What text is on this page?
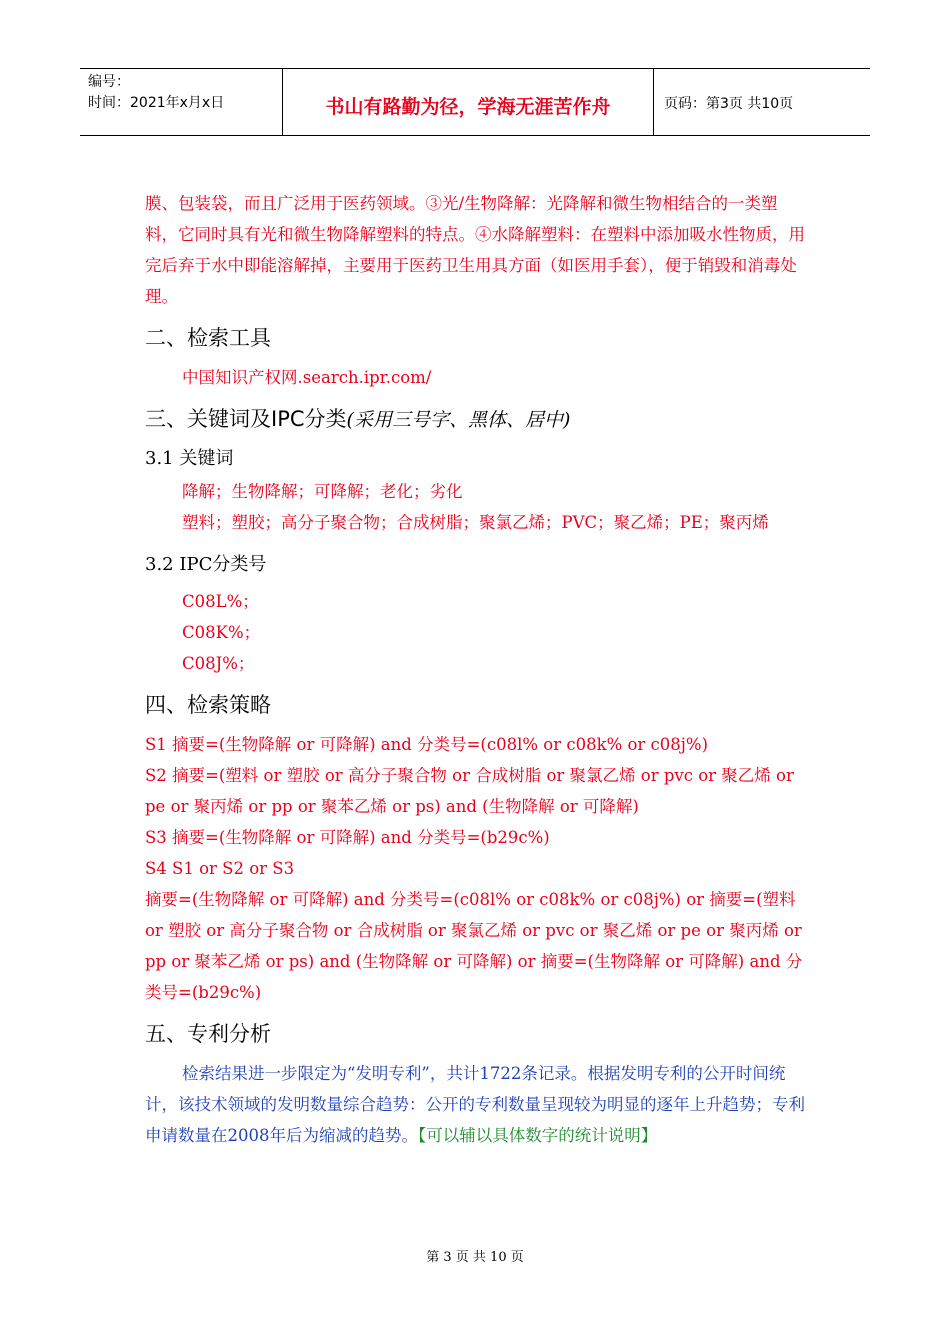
编号：
时间：2021年x月x日	书山有路勤为径，学海无涯苦作舟	页码：第3页 共10页

膜、包装袋，而且广泛用于医药领域。③光/生物降解：光降解和微生物相结合的一类塑料，它同时具有光和微生物降解塑料的特点。④水降解塑料：在塑料中添加吸水性物质，用完后弃于水中即能溶解掉，主要用于医药卫生用具方面（如医用手套），便于销毁和消毒处理。

二、检索工具

中国知识产权网.search.ipr.com/

三、关键词及IPC分类(采用三号字、黑体、居中)
3.1 关键词

降解；生物降解；可降解；老化；劣化

塑料；塑胶；高分子聚合物；合成树脂；聚氯乙烯；PVC；聚乙烯；PE；聚丙烯

3.2 IPC分类号

C08L%；

C08K%；

C08J%；

四、检索策略

S1 摘要=(生物降解 or 可降解) and 分类号=(c08l% or c08k% or c08j%)

S2 摘要=(塑料 or 塑胶 or 高分子聚合物 or 合成树脂 or 聚氯乙烯 or pvc or 聚乙烯 or pe or 聚丙烯 or pp or 聚苯乙烯 or ps) and (生物降解 or 可降解)

S3 摘要=(生物降解 or 可降解) and 分类号=(b29c%)

S4 S1 or S2 or S3

摘要=(生物降解 or 可降解) and 分类号=(c08l% or c08k% or c08j%) or 摘要=(塑料 or 塑胶 or 高分子聚合物 or 合成树脂 or 聚氯乙烯 or pvc or 聚乙烯 or pe or 聚丙烯 or pp or 聚苯乙烯 or ps) and (生物降解 or 可降解) or 摘要=(生物降解 or 可降解) and 分类号=(b29c%)

五、专利分析

检索结果进一步限定为“发明专利”，共计1722条记录。根据发明专利的公开时间统计，该技术领域的发明数量综合趋势：公开的专利数量呈现较为明显的逐年上升趋势；专利申请数量在2008年后为缩减的趋势。【可以辅以具体数字的统计说明】

第 3 页 共 10 页
